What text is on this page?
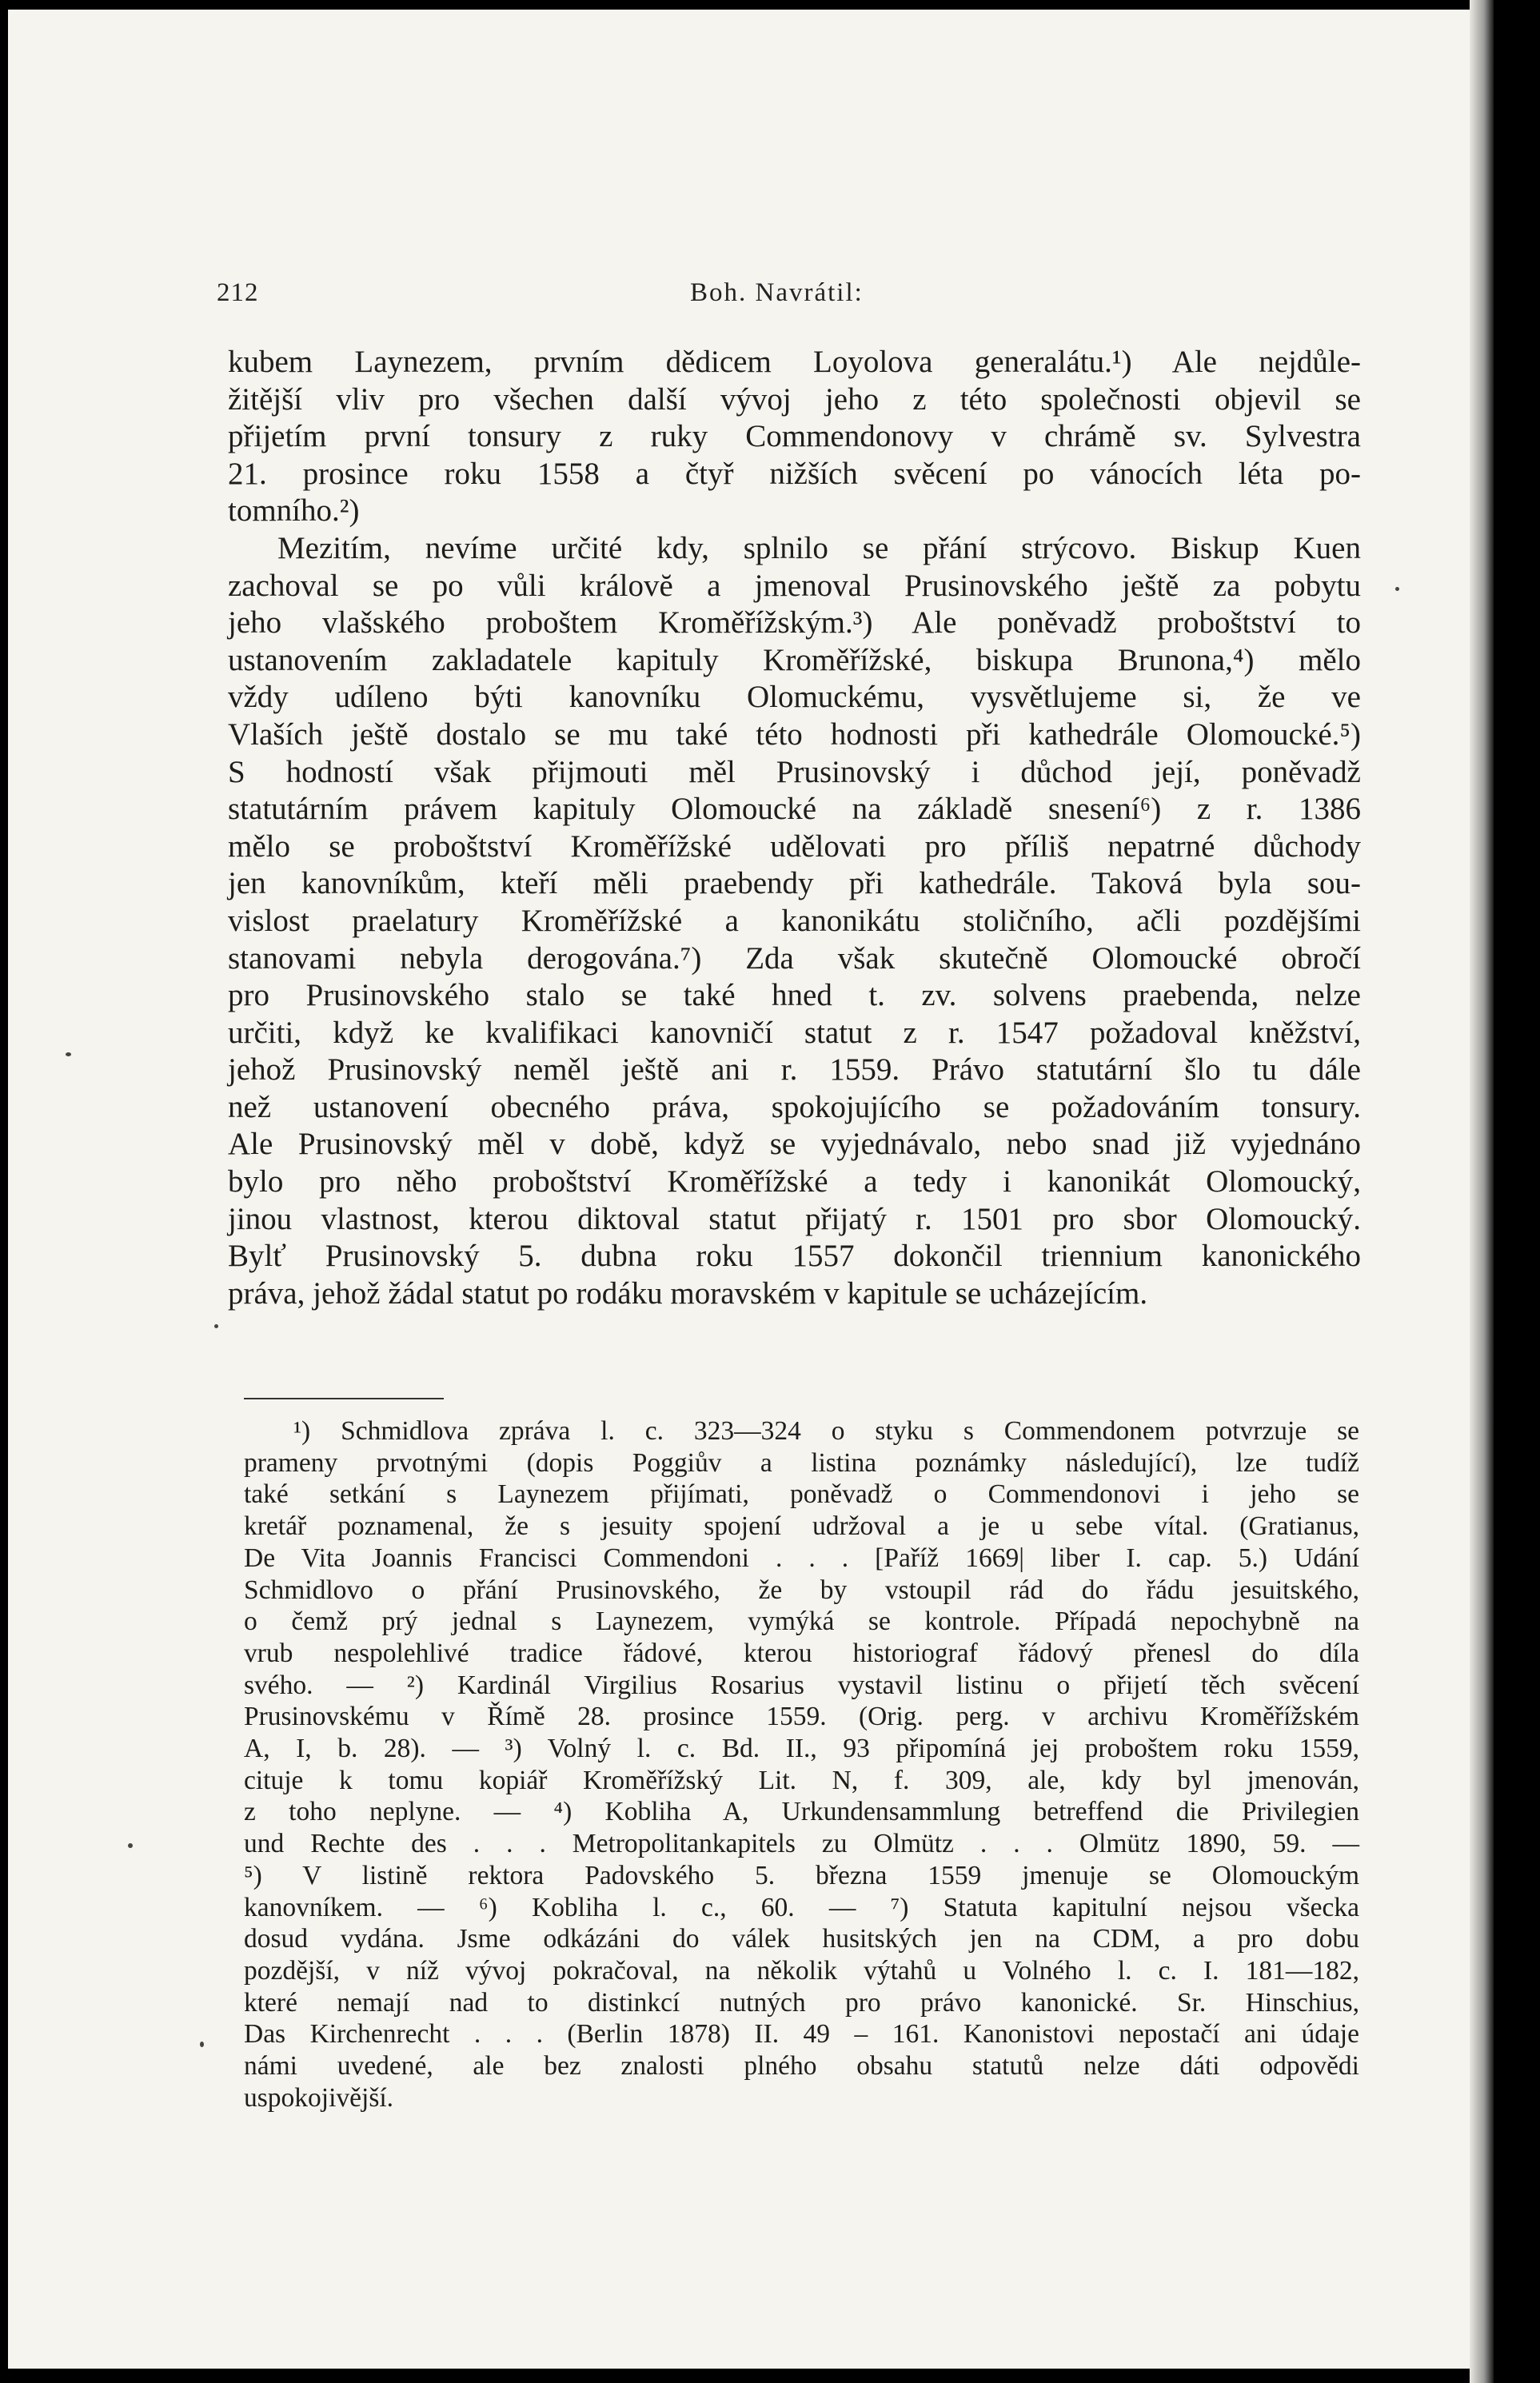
212	Boh. Navrátil:
kubem Laynezem, prvním dědicem Loyolova generalátu.¹) Ale nejdůle-
žitější vliv pro všechen další vývoj jeho z této společnosti objevil se
přijetím první tonsury z ruky Commendonovy v chrámě sv. Sylvestra
21. prosince roku 1558 a čtyř nižších svěcení po vánocích léta po-
tomního.²)
Mezitím, nevíme určité kdy, splnilo se přání strýcovo. Biskup Kuen
zachoval se po vůli královĕ a jmenoval Prusinovského ještě za pobytu
jeho vlašského proboštem Kroměřížským.³) Ale poněvadž proboštství to
ustanovením zakladatele kapituly Kroměřížské, biskupa Brunona,⁴) mělo
vždy udíleno býti kanovníku Olomuckému, vysvětlujeme si, že ve
Vlaších ještě dostalo se mu také této hodnosti při kathedrále Olomoucké.⁵)
S hodností však přijmouti měl Prusinovský i důchod její, poněvadž
statutárním právem kapituly Olomoucké na základě snesení⁶) z r. 1386
mělo se proboštství Kroměřížské udělovati pro příliš nepatrné důchody
jen kanovníkům, kteří měli praebendy při kathedrále. Taková byla sou-
vislost praelatury Kroměřížské a kanonikátu stoličního, ačli pozdějšími
stanovami nebyla derogována.⁷) Zda však skutečně Olomoucké obročí
pro Prusinovského stalo se také hned t. zv. solvens praebenda, nelze
určiti, když ke kvalifikaci kanovničí statut z r. 1547 požadoval kněžství,
jehož Prusinovský neměl ještě ani r. 1559. Právo statutární šlo tu dále
než ustanovení obecného práva, spokojujícího se požadováním tonsury.
Ale Prusinovský měl v době, když se vyjednávalo, nebo snad již vyjednáno
bylo pro něho proboštství Kroměřížské a tedy i kanonikát Olomoucký,
jinou vlastnost, kterou diktoval statut přijatý r. 1501 pro sbor Olomoucký.
Bylť Prusinovský 5. dubna roku 1557 dokončil triennium kanonického
práva, jehož žádal statut po rodáku moravském v kapitule se ucházejícím.
¹) Schmidlova zpráva l. c. 323—324 o styku s Commendonem potvrzuje se
prameny prvotnými (dopis Poggiův a listina poznámky následující), lze tudíž
také setkání s Laynezem přijímati, poněvadž o Commendonovi i jeho se
kretář poznamenal, že s jesuity spojení udržoval a je u sebe vítal. (Gratianus,
De Vita Joannis Francisci Commendoni . . . [Paříž 1669| liber I. cap. 5.) Udání
Schmidlovo o přání Prusinovského, že by vstoupil rád do řádu jesuitského,
o čemž prý jednal s Laynezem, vymýká se kontrole. Případá nepochybně na
vrub nespolehlivé tradice řádové, kterou historiograf řádový přenesl do díla
svého. — ²) Kardinál Virgilius Rosarius vystavil listinu o přijetí těch svěcení
Prusinovskému v Římě 28. prosince 1559. (Orig. perg. v archivu Kroměřížském
A, I, b. 28). — ³) Volný l. c. Bd. II., 93 připomíná jej proboštem roku 1559,
cituje k tomu kopiář Kroměřížský Lit. N, f. 309, ale, kdy byl jmenován,
z toho neplyne. — ⁴) Kobliha A, Urkundensammlung betreffend die Privilegien
und Rechte des . . . Metropolitankapitels zu Olmütz . . . Olmütz 1890, 59. —
⁵) V listině rektora Padovského 5. března 1559 jmenuje se Olomouckým
kanovníkem. — ⁶) Kobliha l. c., 60. — ⁷) Statuta kapitulní nejsou všecka
dosud vydána. Jsme odkázáni do válek husitských jen na CDM, a pro dobu
pozdější, v níž vývoj pokračoval, na několik výtahů u Volného l. c. I. 181—182,
které nemají nad to distinkcí nutných pro právo kanonické. Sr. Hinschius,
Das Kirchenrecht . . . (Berlin 1878) II. 49 – 161. Kanonistovi nepostačí ani údaje
námi uvedené, ale bez znalosti plného obsahu statutů nelze dáti odpovědi
uspokojivější.
